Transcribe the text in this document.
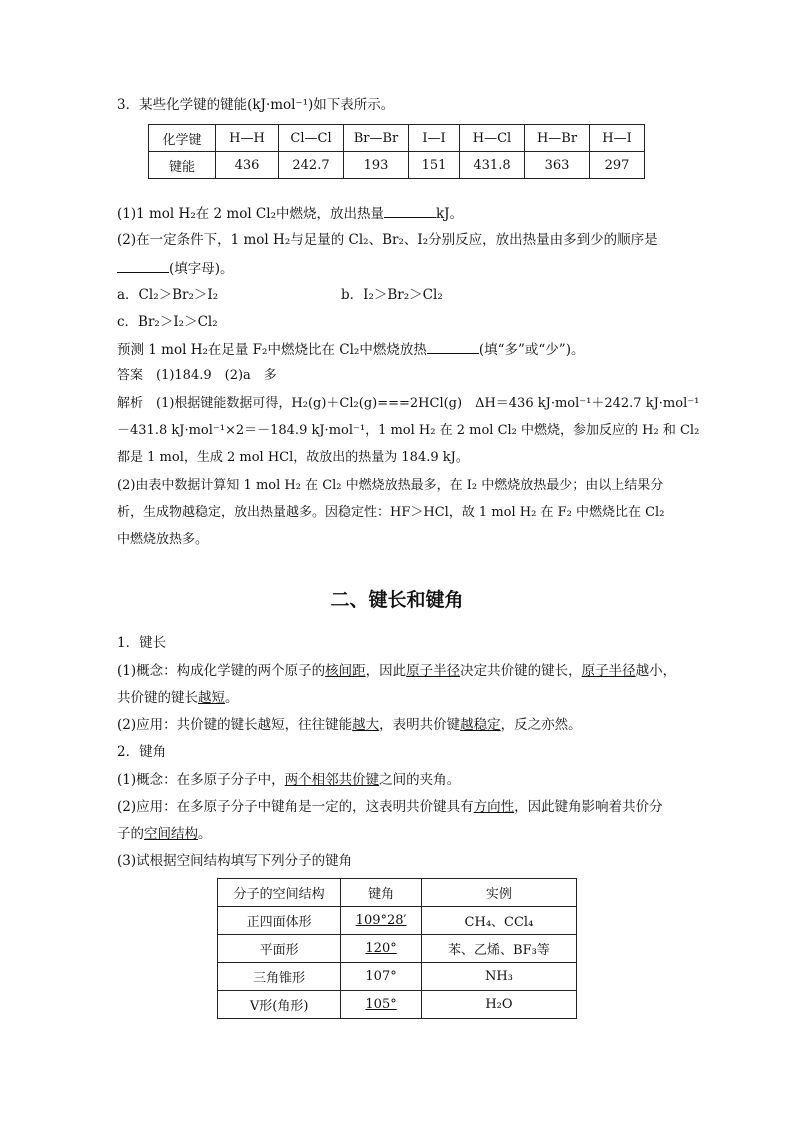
3．某些化学键的键能(kJ·mol⁻¹)如下表所示。
化学键	H—H	Cl—Cl	Br—Br	I—I	H—Cl	H—Br	H—I
键能	436	242.7	193	151	431.8	363	297
(1)1 mol H₂在 2 mol Cl₂中燃烧，放出热量	kJ。
(2)在一定条件下，1 mol H₂与足量的 Cl₂、Br₂、I₂分别反应，放出热量由多到少的顺序是
(填字母)。
a．Cl₂＞Br₂＞I₂	b．I₂＞Br₂＞Cl₂
c．Br₂＞I₂＞Cl₂
预测 1 mol H₂在足量 F₂中燃烧比在 Cl₂中燃烧放热	(填“多”或“少”)。
答案　(1)184.9　(2)a　多
解析　(1)根据键能数据可得，H₂(g)＋Cl₂(g)===2HCl(g)　ΔH＝436 kJ·mol⁻¹＋242.7 kJ·mol⁻¹
－431.8 kJ·mol⁻¹×2＝－184.9 kJ·mol⁻¹，1 mol H₂ 在 2 mol Cl₂ 中燃烧，参加反应的 H₂ 和 Cl₂
都是 1 mol，生成 2 mol HCl，故放出的热量为 184.9 kJ。
(2)由表中数据计算知 1 mol H₂ 在 Cl₂ 中燃烧放热最多，在 I₂ 中燃烧放热最少；由以上结果分
析，生成物越稳定，放出热量越多。因稳定性：HF＞HCl，故 1 mol H₂ 在 F₂ 中燃烧比在 Cl₂
中燃烧放热多。
二、键长和键角
1．键长
(1)概念：构成化学键的两个原子的核间距，因此原子半径决定共价键的键长，原子半径越小，
共价键的键长越短。
(2)应用：共价键的键长越短，往往键能越大，表明共价键越稳定，反之亦然。
2．键角
(1)概念：在多原子分子中，两个相邻共价键之间的夹角。
(2)应用：在多原子分子中键角是一定的，这表明共价键具有方向性，因此键角影响着共价分
子的空间结构。
(3)试根据空间结构填写下列分子的键角
分子的空间结构	键角	实例
正四面体形	109°28′	CH₄、CCl₄
平面形	120°	苯、乙烯、BF₃等
三角锥形	107°	NH₃
V形(角形)	105°	H₂O
